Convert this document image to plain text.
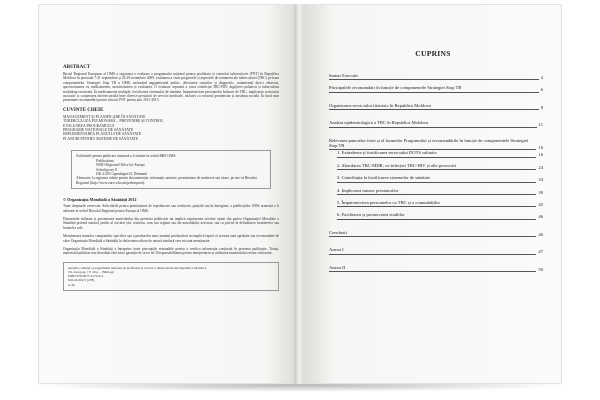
ABSTRACT
Biroul Regional European al OMS a organizat o evaluare a programului național pentru profilaxia și controlul tuberculozei (PNT) în Republica Moldova în perioada 7-21 septembrie și 22-29 noiembrie 2009, evaluarea a vizat progresele și aspectele de tratament ale tuberculozei (TBC) pe baza componentelor Strategiei Stop TB a OMS, incluzând angajamentul politic, detectarea cazurilor și diagnostic, tratamentul direct observat, aprovizionarea cu medicamente, monitorizarea și evaluarea. O evaluare separată a vizat coinfecția TBC-HIV, îngrijirea paliativă și tuberculoza multidrog-rezistentă. În medicamente multiple, fortificarea sistemului de sănătate, împuternicirea persoanelor bolnave de TBC, implicarea sectorului asociativ și cooperarea intersectorială între diverse prestatori de servicii medicale, inclusiv cu sectorul penitenciar și asistența socială. În final sunt prezentate recomandări pentru viitorul PNT pentru anii 2011-2015.
CUVINTE CHEIE
MANAGEMENT ȘI PLANIFICARE ÎN SĂNĂTATE
TUBERCULOZA PULMONARĂ – PREVENIRE ȘI CONTROL
EVALUAREA PROGRAMULUI
PROGRAME NAȚIONALE DE SĂNĂTATE
IMPLEMENTAREA PLANULUI DE SĂNĂTATE
PLANURI PENTRU SISTEME DE SĂNĂTATE
Solicitările pentru publicare urmează a fi trimise la sediul BRE OMS:
Publications
WHO Regional Office for Europe
Scherfigsvej 8
DK-2100 Copenhagen Ø, Denmark
Alternativ, la regiunea online pentru documentație, informații sanitare, permisiunea de traducere sau citare, pe site-ul Biroului Regional (http://www.euro.who.int/pubrequest).
© Organizația Mondială a Sănătății 2012
Toate drepturile rezervate. Solicitările pentru permisiunea de reproducere sau traducere, parțială sau în întregime, a publicațiilor OMS urmează a fi adresate la sediul Biroului Regional pentru Europa al OMS.
Denumirile utilizate și prezentarea materialului din prezenta publicație nu implică exprimarea oricărei opinii din partea Organizației Mondiale a Sănătății privind statutul juridic al oricărei țări, teritoriu, oraș sau regiuni sau ale autorităților acestora, sau cu privire la delimitarea frontierelor sau hotarelor sale.
Menționarea numelor companiilor specifice sau a produselor unor anumiți producători nu implică faptul că acestea sunt aprobate sau recomandate de către Organizația Mondială a Sănătății în defavoarea altora de natură similară care nu sunt menționate.
Organizația Mondială a Sănătății a întreprins toate precauțiile rezonabile pentru a verifica informația conținută în prezenta publicație. Totuși, materialul publicat este distribuit fără nicio garanție de orice fel. Responsabilitatea pentru interpretarea și utilizarea materialului revine cititorului.
Analiza comună a programului național de profilaxie și control a tuberculozei din Republica Moldova
Tit, Ioan pag. 17; 40 p. – Bibliogr.
ISBN 978-9975-4170-8-4
616.24-002.5 (478)
A 46
CUPRINS
Sumar Executiv	4
Principalele recomandări în funcție de componentele Strategiei Stop TB	6
Organizarea serviciului ftiziatric în Republica Moldova	8
Analiza epidemiologică a TBC în Republica Moldova	11
Relevarea punctelor forte și al lacunelor Programului și recomandările în funcție de componentele Strategiei Stop TB	16
1. Extinderea și fortificarea serviciului DOTS calitativ	16
2. Abordarea TBC-MDR, co-infecției TBC-HIV și alte provocări	24
3. Contribuția la fortificarea sistemelor de sănătate	34
4. Implicarea tuturor prestatorilor	39
5. Împuternicirea persoanelor cu TBC și a comunităților	45
6. Facilitarea și promovarea studiilor	46
Concluzii	46
Anexa I	47
Anexa II	50
